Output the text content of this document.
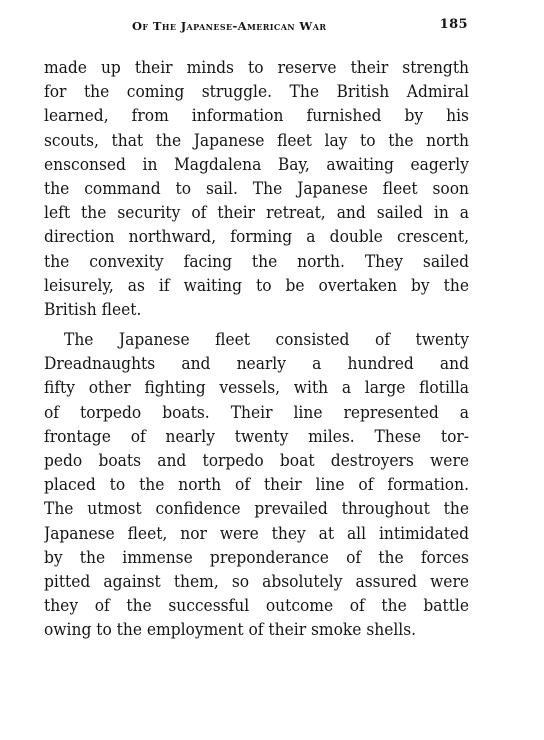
Of The Japanese-American War	185
made up their minds to reserve their strength
for the coming struggle. The British Admiral
learned, from information furnished by his
scouts, that the Japanese fleet lay to the north
ensconsed in Magdalena Bay, awaiting eagerly
the command to sail. The Japanese fleet soon
left the security of their retreat, and sailed in a
direction northward, forming a double crescent,
the convexity facing the north. They sailed
leisurely, as if waiting to be overtaken by the
British fleet.
The Japanese fleet consisted of twenty
Dreadnaughts and nearly a hundred and
fifty other fighting vessels, with a large flotilla
of torpedo boats. Their line represented a
frontage of nearly twenty miles. These tor-
pedo boats and torpedo boat destroyers were
placed to the north of their line of formation.
The utmost confidence prevailed throughout the
Japanese fleet, nor were they at all intimidated
by the immense preponderance of the forces
pitted against them, so absolutely assured were
they of the successful outcome of the battle
owing to the employment of their smoke shells.
